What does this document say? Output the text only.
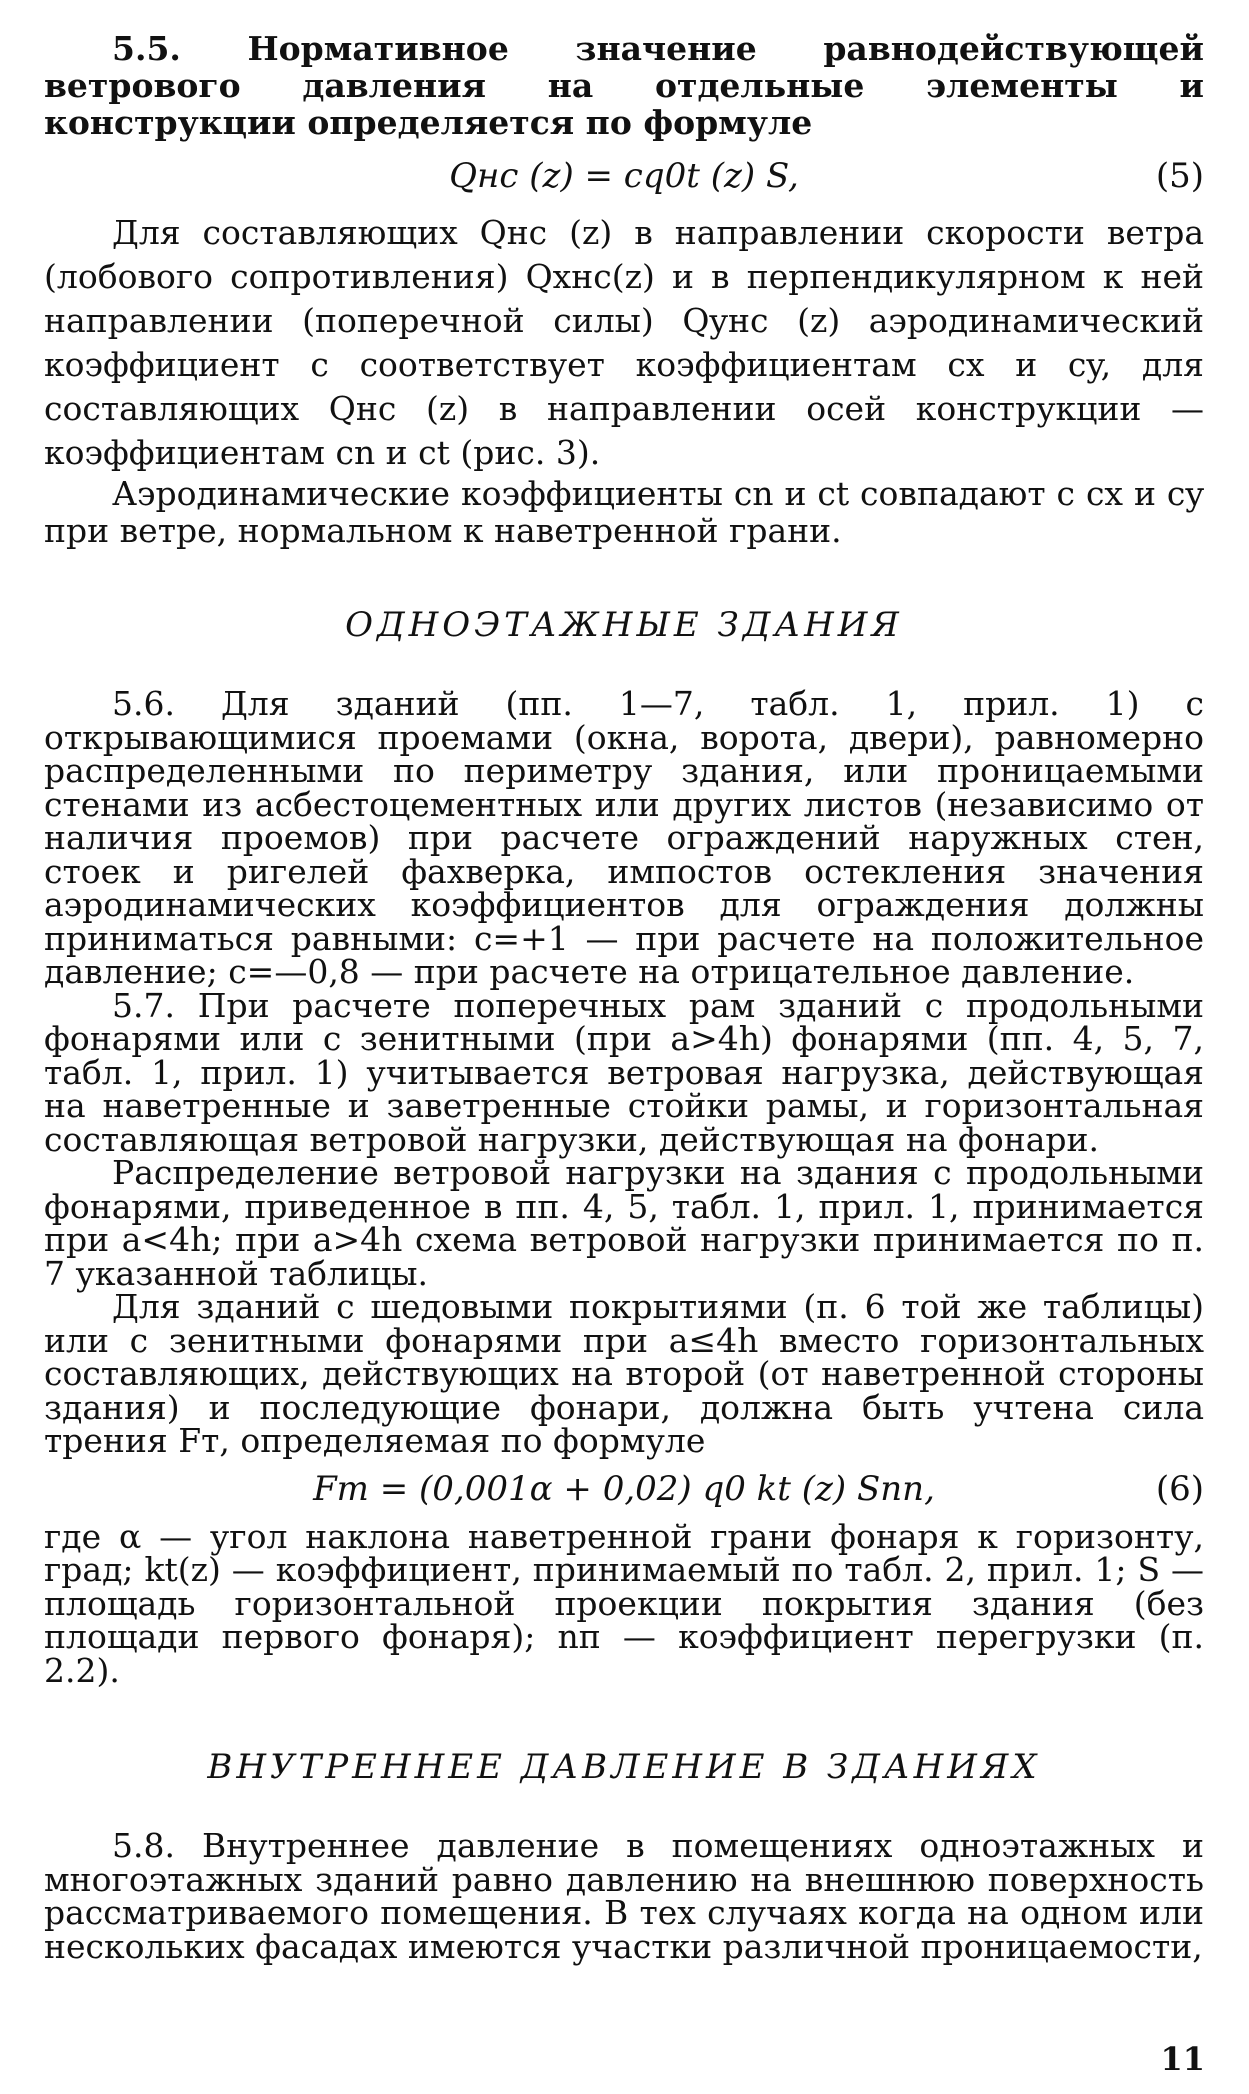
5.5. Нормативное значение равнодействующей ветрового давления на отдельные элементы и конструкции определяется по формуле

Qнс (z) = cq0t (z) S,	(5)

Для составляющих Qнс (z) в направлении скорости ветра (лобового сопротивления) Qxнс(z) и в перпендикулярном к ней направлении (поперечной силы) Qyнс (z) аэродинамический коэффициент c соответствует коэффициентам cx и cy, для составляющих Qнс (z) в направлении осей конструкции — коэффициентам cn и ct (рис. 3).

Аэродинамические коэффициенты cn и ct совпадают с cx и cy при ветре, нормальном к наветренной грани.

ОДНОЭТАЖНЫЕ ЗДАНИЯ

5.6. Для зданий (пп. 1—7, табл. 1, прил. 1) с открывающимися проемами (окна, ворота, двери), равномерно распределенными по периметру здания, или проницаемыми стенами из асбестоцементных или других листов (независимо от наличия проемов) при расчете ограждений наружных стен, стоек и ригелей фахверка, импостов остекления значения аэродинамических коэффициентов для ограждения должны приниматься равными: c=+1 — при расчете на положительное давление; c=—0,8 — при расчете на отрицательное давление.

5.7. При расчете поперечных рам зданий с продольными фонарями или с зенитными (при a>4h) фонарями (пп. 4, 5, 7, табл. 1, прил. 1) учитывается ветровая нагрузка, действующая на наветренные и заветренные стойки рамы, и горизонтальная составляющая ветровой нагрузки, действующая на фонари.

Распределение ветровой нагрузки на здания с продольными фонарями, приведенное в пп. 4, 5, табл. 1, прил. 1, принимается при a<4h; при a>4h схема ветровой нагрузки принимается по п. 7 указанной таблицы.

Для зданий с шедовыми покрытиями (п. 6 той же таблицы) или с зенитными фонарями при a≤4h вместо горизонтальных составляющих, действующих на второй (от наветренной стороны здания) и последующие фонари, должна быть учтена сила трения Fт, определяемая по формуле

Fт = (0,001α + 0,02) q0 kt (z) Snп,	(6)

где α — угол наклона наветренной грани фонаря к горизонту, град; kt(z) — коэффициент, принимаемый по табл. 2, прил. 1; S — площадь горизонтальной проекции покрытия здания (без площади первого фонаря); nп — коэффициент перегрузки (п. 2.2).

ВНУТРЕННЕЕ ДАВЛЕНИЕ В ЗДАНИЯХ

5.8. Внутреннее давление в помещениях одноэтажных и многоэтажных зданий равно давлению на внешнюю поверхность рассматриваемого помещения. В тех случаях когда на одном или нескольких фасадах имеются участки различной проницаемости,

11
